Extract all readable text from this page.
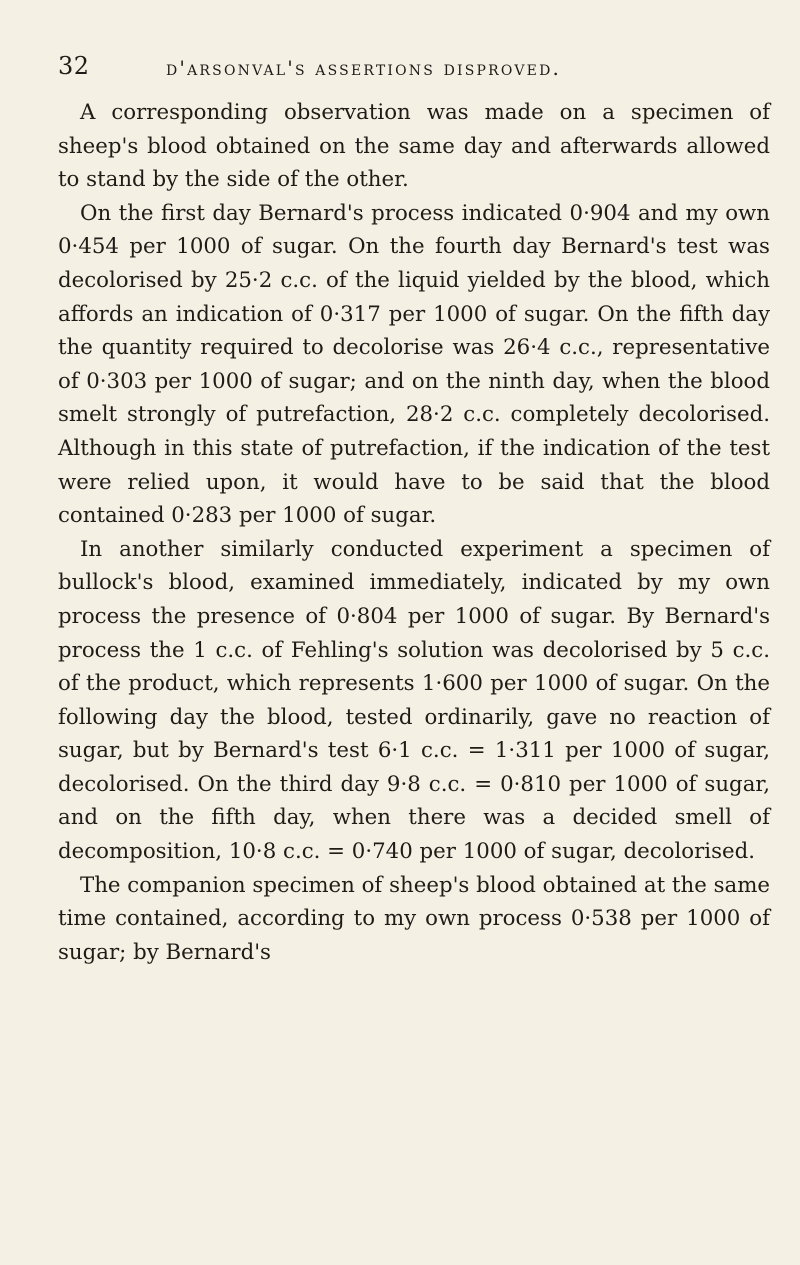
32	d'arsonval's assertions disproved.

A corresponding observation was made on a specimen of sheep's blood obtained on the same day and afterwards allowed to stand by the side of the other.

On the first day Bernard's process indicated 0·904 and my own 0·454 per 1000 of sugar. On the fourth day Bernard's test was decolorised by 25·2 c.c. of the liquid yielded by the blood, which affords an indication of 0·317 per 1000 of sugar. On the fifth day the quantity required to decolorise was 26·4 c.c., representative of 0·303 per 1000 of sugar; and on the ninth day, when the blood smelt strongly of putrefaction, 28·2 c.c. completely decolorised. Although in this state of putrefaction, if the indication of the test were relied upon, it would have to be said that the blood contained 0·283 per 1000 of sugar.

In another similarly conducted experiment a specimen of bullock's blood, examined immediately, indicated by my own process the presence of 0·804 per 1000 of sugar. By Bernard's process the 1 c.c. of Fehling's solution was decolorised by 5 c.c. of the product, which represents 1·600 per 1000 of sugar. On the following day the blood, tested ordinarily, gave no reaction of sugar, but by Bernard's test 6·1 c.c. = 1·311 per 1000 of sugar, decolorised. On the third day 9·8 c.c. = 0·810 per 1000 of sugar, and on the fifth day, when there was a decided smell of decomposition, 10·8 c.c. = 0·740 per 1000 of sugar, decolorised.

The companion specimen of sheep's blood obtained at the same time contained, according to my own process 0·538 per 1000 of sugar; by Bernard's
